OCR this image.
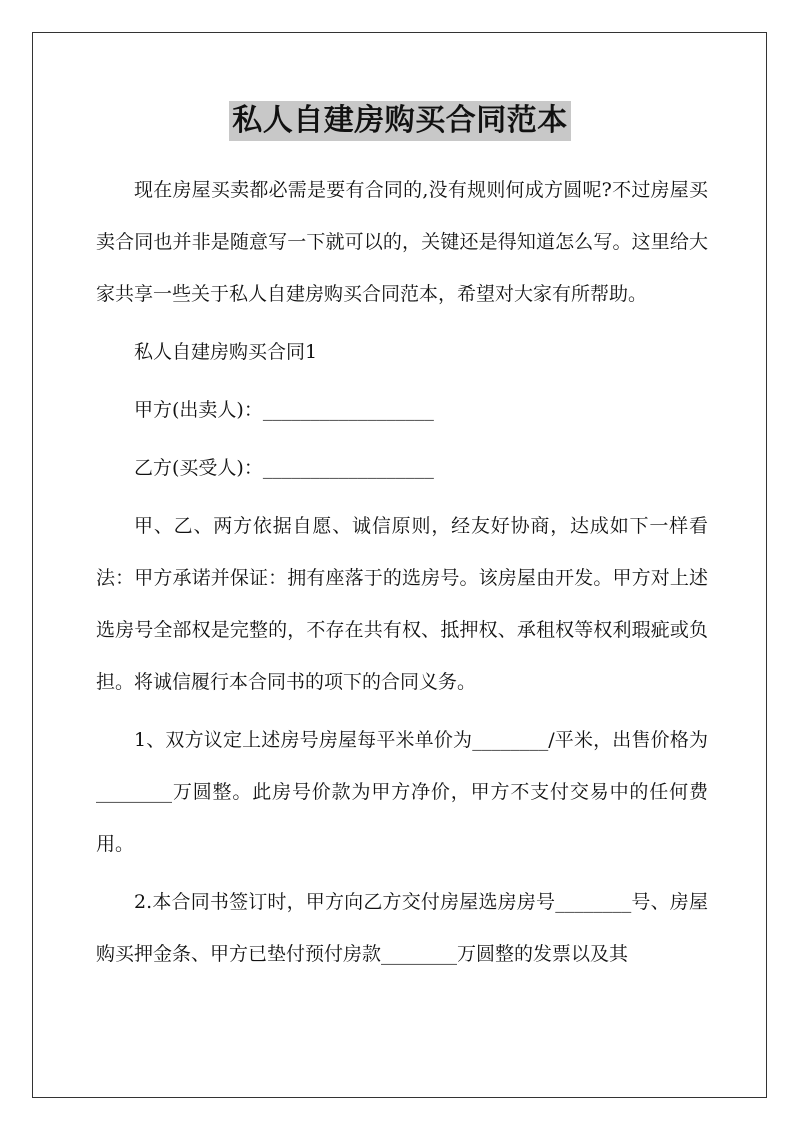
私人自建房购买合同范本

现在房屋买卖都必需是要有合同的,没有规则何成方圆呢?不过房屋买卖合同也并非是随意写一下就可以的，关键还是得知道怎么写。这里给大家共享一些关于私人自建房购买合同范本，希望对大家有所帮助。

私人自建房购买合同1

甲方(出卖人)：__________________

乙方(买受人)：__________________

甲、乙、两方依据自愿、诚信原则，经友好协商，达成如下一样看法：甲方承诺并保证：拥有座落于的选房号。该房屋由开发。甲方对上述选房号全部权是完整的，不存在共有权、抵押权、承租权等权利瑕疵或负担。将诚信履行本合同书的项下的合同义务。

1、双方议定上述房号房屋每平米单价为________/平米，出售价格为________万圆整。此房号价款为甲方净价，甲方不支付交易中的任何费用。

2.本合同书签订时，甲方向乙方交付房屋选房房号________号、房屋购买押金条、甲方已垫付预付房款________万圆整的发票以及其
